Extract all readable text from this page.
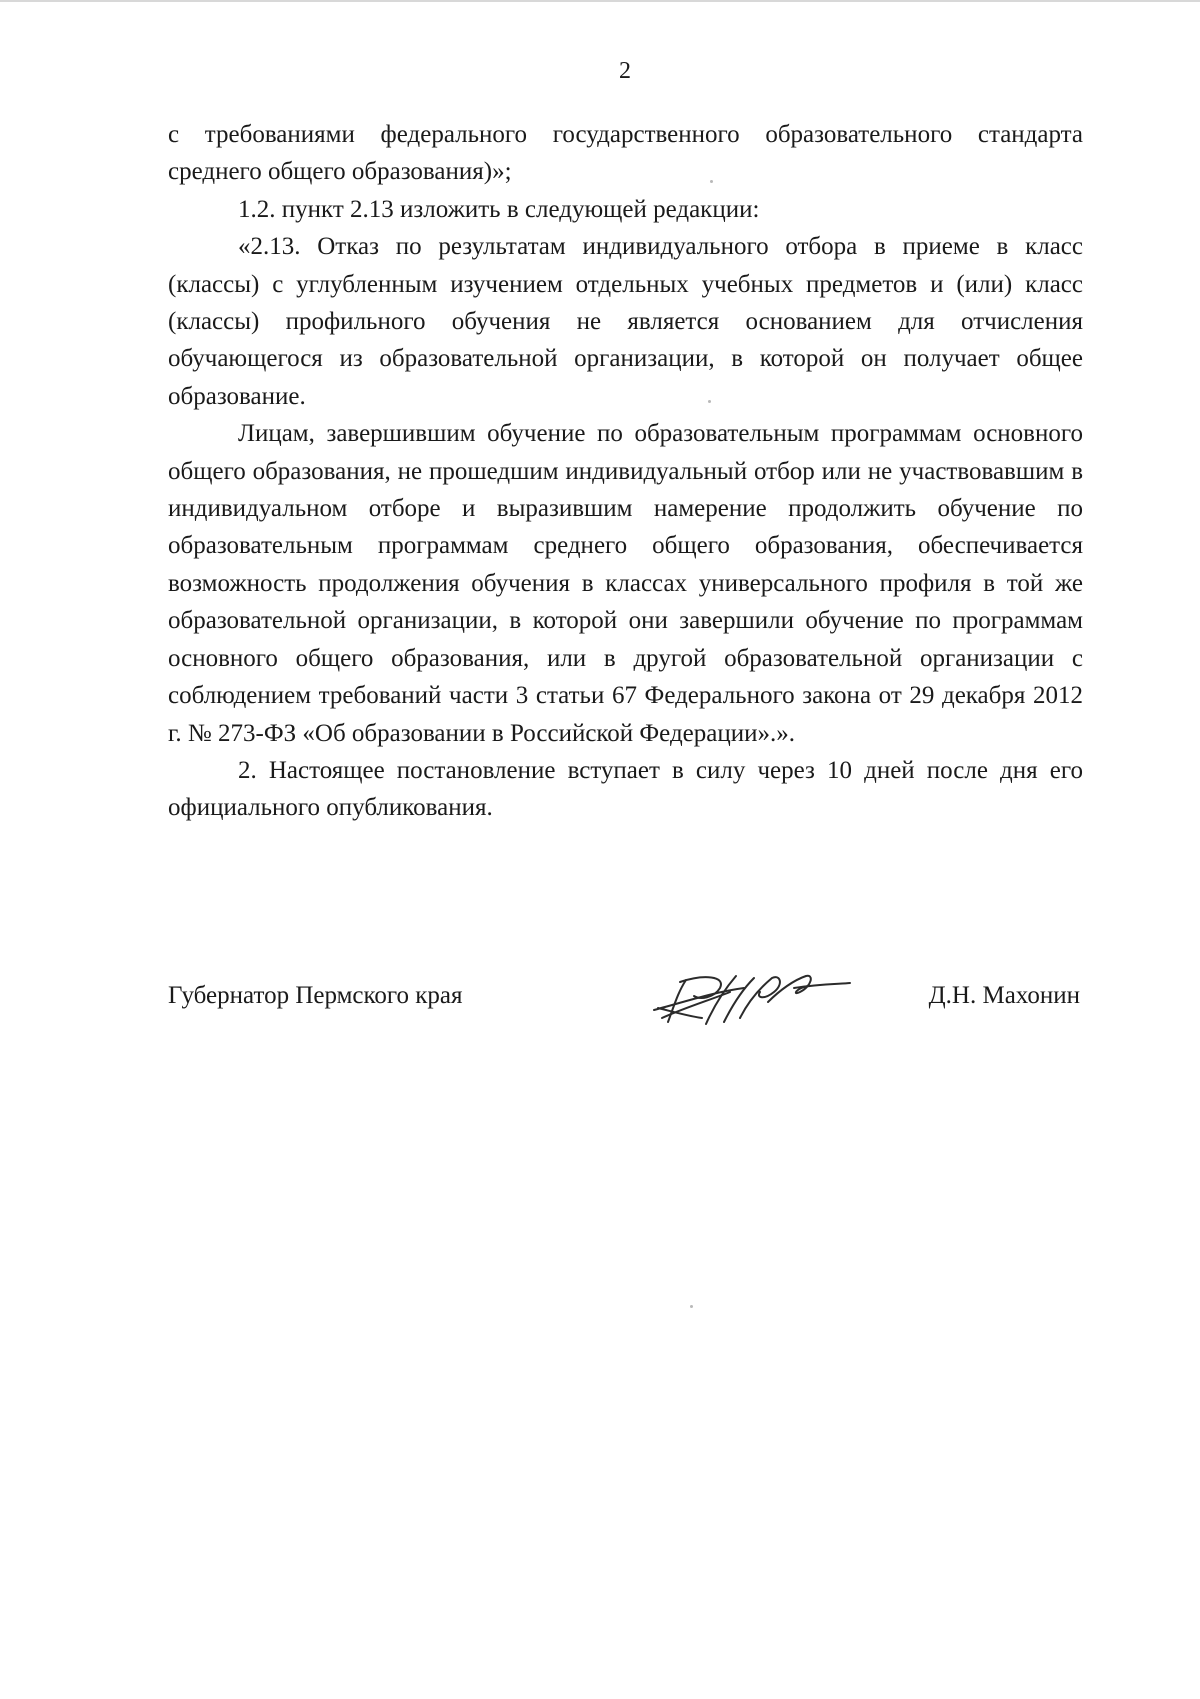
2

с требованиями федерального государственного образовательного стандарта среднего общего образования)»;

1.2. пункт 2.13 изложить в следующей редакции:

«2.13. Отказ по результатам индивидуального отбора в приеме в класс (классы) с углубленным изучением отдельных учебных предметов и (или) класс (классы) профильного обучения не является основанием для отчисления обучающегося из образовательной организации, в которой он получает общее образование.

Лицам, завершившим обучение по образовательным программам основного общего образования, не прошедшим индивидуальный отбор или не участвовавшим в индивидуальном отборе и выразившим намерение продолжить обучение по образовательным программам среднего общего образования, обеспечивается возможность продолжения обучения в классах универсального профиля в той же образовательной организации, в которой они завершили обучение по программам основного общего образования, или в другой образовательной организации с соблюдением требований части 3 статьи 67 Федерального закона от 29 декабря 2012 г. № 273-ФЗ «Об образовании в Российской Федерации».».

2. Настоящее постановление вступает в силу через 10 дней после дня его официального опубликования.

Губернатор Пермского края	Д.Н. Махонин
